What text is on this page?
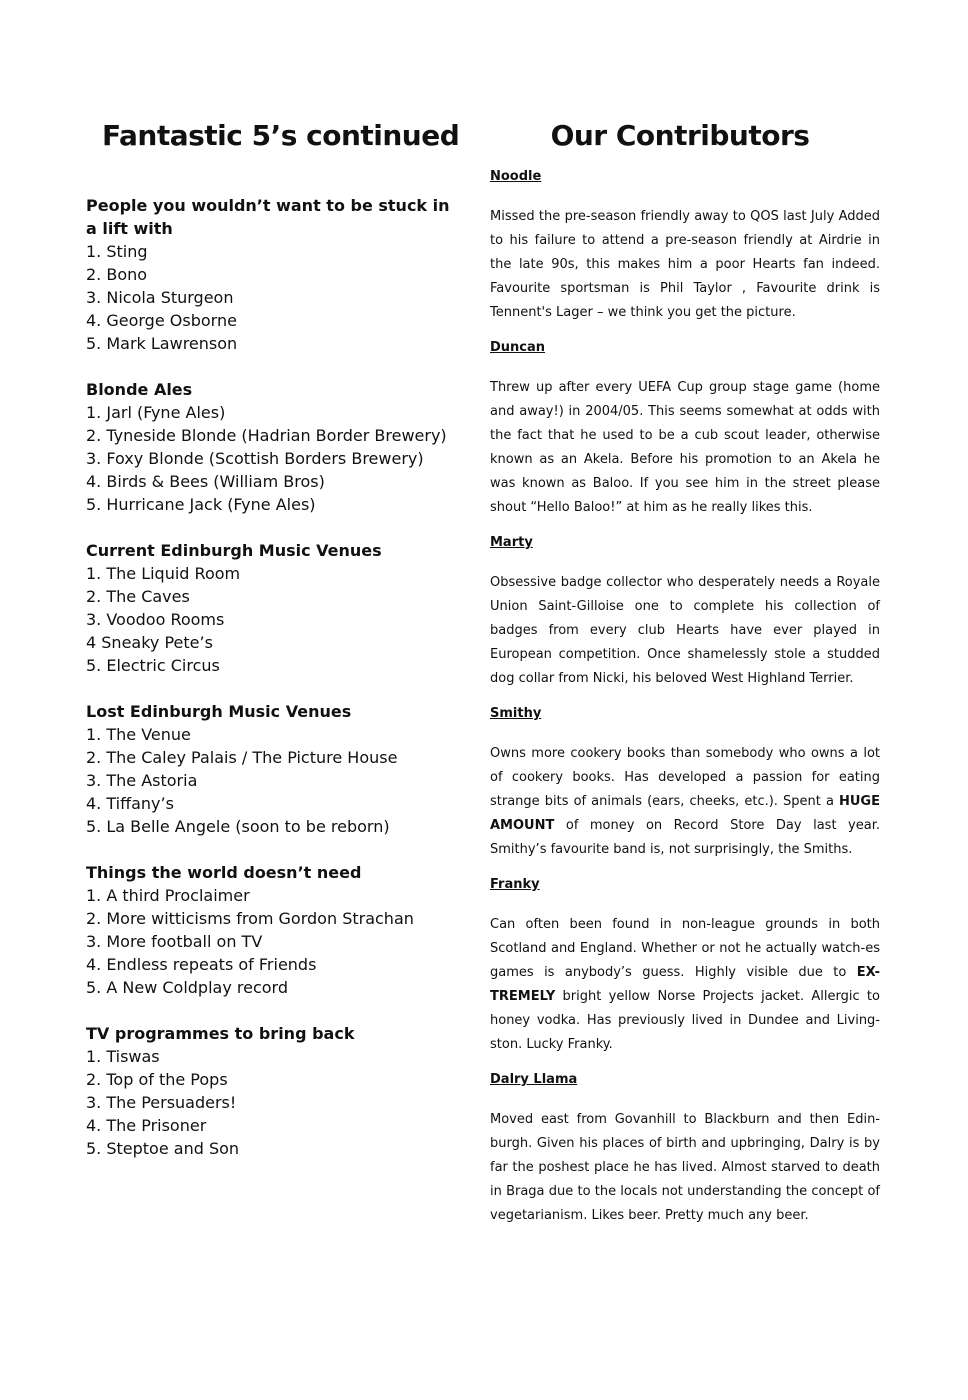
Fantastic 5’s continued
People you wouldn’t want to be stuck in a lift with
1. Sting
2. Bono
3. Nicola Sturgeon
4. George Osborne
5. Mark Lawrenson
Blonde Ales
1. Jarl (Fyne Ales)
2. Tyneside Blonde (Hadrian Border Brewery)
3. Foxy Blonde (Scottish Borders Brewery)
4. Birds & Bees (William Bros)
5. Hurricane Jack (Fyne Ales)
Current Edinburgh Music Venues
1. The Liquid Room
2. The Caves
3. Voodoo Rooms
4 Sneaky Pete’s
5. Electric Circus
Lost Edinburgh Music Venues
1. The Venue
2. The Caley Palais / The Picture House
3. The Astoria
4. Tiffany’s
5. La Belle Angele (soon to be reborn)
Things the world doesn’t need
1. A third Proclaimer
2. More witticisms from Gordon Strachan
3. More football on TV
4. Endless repeats of Friends
5. A New Coldplay record
TV programmes to bring back
1. Tiswas
2. Top of the Pops
3. The Persuaders!
4. The Prisoner
5. Steptoe and Son
Our Contributors
Noodle

Missed the pre-season friendly away to QOS last July Added to his failure to attend a pre-season friendly at Airdrie in the late 90s, this makes him a poor Hearts fan indeed. Favourite sportsman is Phil Taylor , Favourite drink is Tennent's Lager – we think you get the picture.

Duncan

Threw up after every UEFA Cup group stage game (home and away!) in 2004/05. This seems somewhat at odds with the fact that he used to be a cub scout leader, otherwise known as an Akela. Before his promotion to an Akela he was known as Baloo. If you see him in the street please shout “Hello Baloo!” at him as he really likes this.

Marty

Obsessive badge collector who desperately needs a Royale Union Saint-Gilloise one to complete his collection of badges from every club Hearts have ever played in European competition. Once shamelessly stole a studded dog collar from Nicki, his beloved West Highland Terrier.

Smithy

Owns more cookery books than somebody who owns a lot of cookery books. Has developed a passion for eating strange bits of animals (ears, cheeks, etc.). Spent a HUGE AMOUNT of money on Record Store Day last year. Smithy’s favourite band is, not surprisingly, the Smiths.

Franky

Can often been found in non-league grounds in both Scotland and England. Whether or not he actually watch-es games is anybody’s guess. Highly visible due to EX-TREMELY bright yellow Norse Projects jacket. Allergic to honey vodka. Has previously lived in Dundee and Living-ston. Lucky Franky.

Dalry Llama

Moved east from Govanhill to Blackburn and then Edin-burgh. Given his places of birth and upbringing, Dalry is by far the poshest place he has lived. Almost starved to death in Braga due to the locals not understanding the concept of vegetarianism. Likes beer. Pretty much any beer.
